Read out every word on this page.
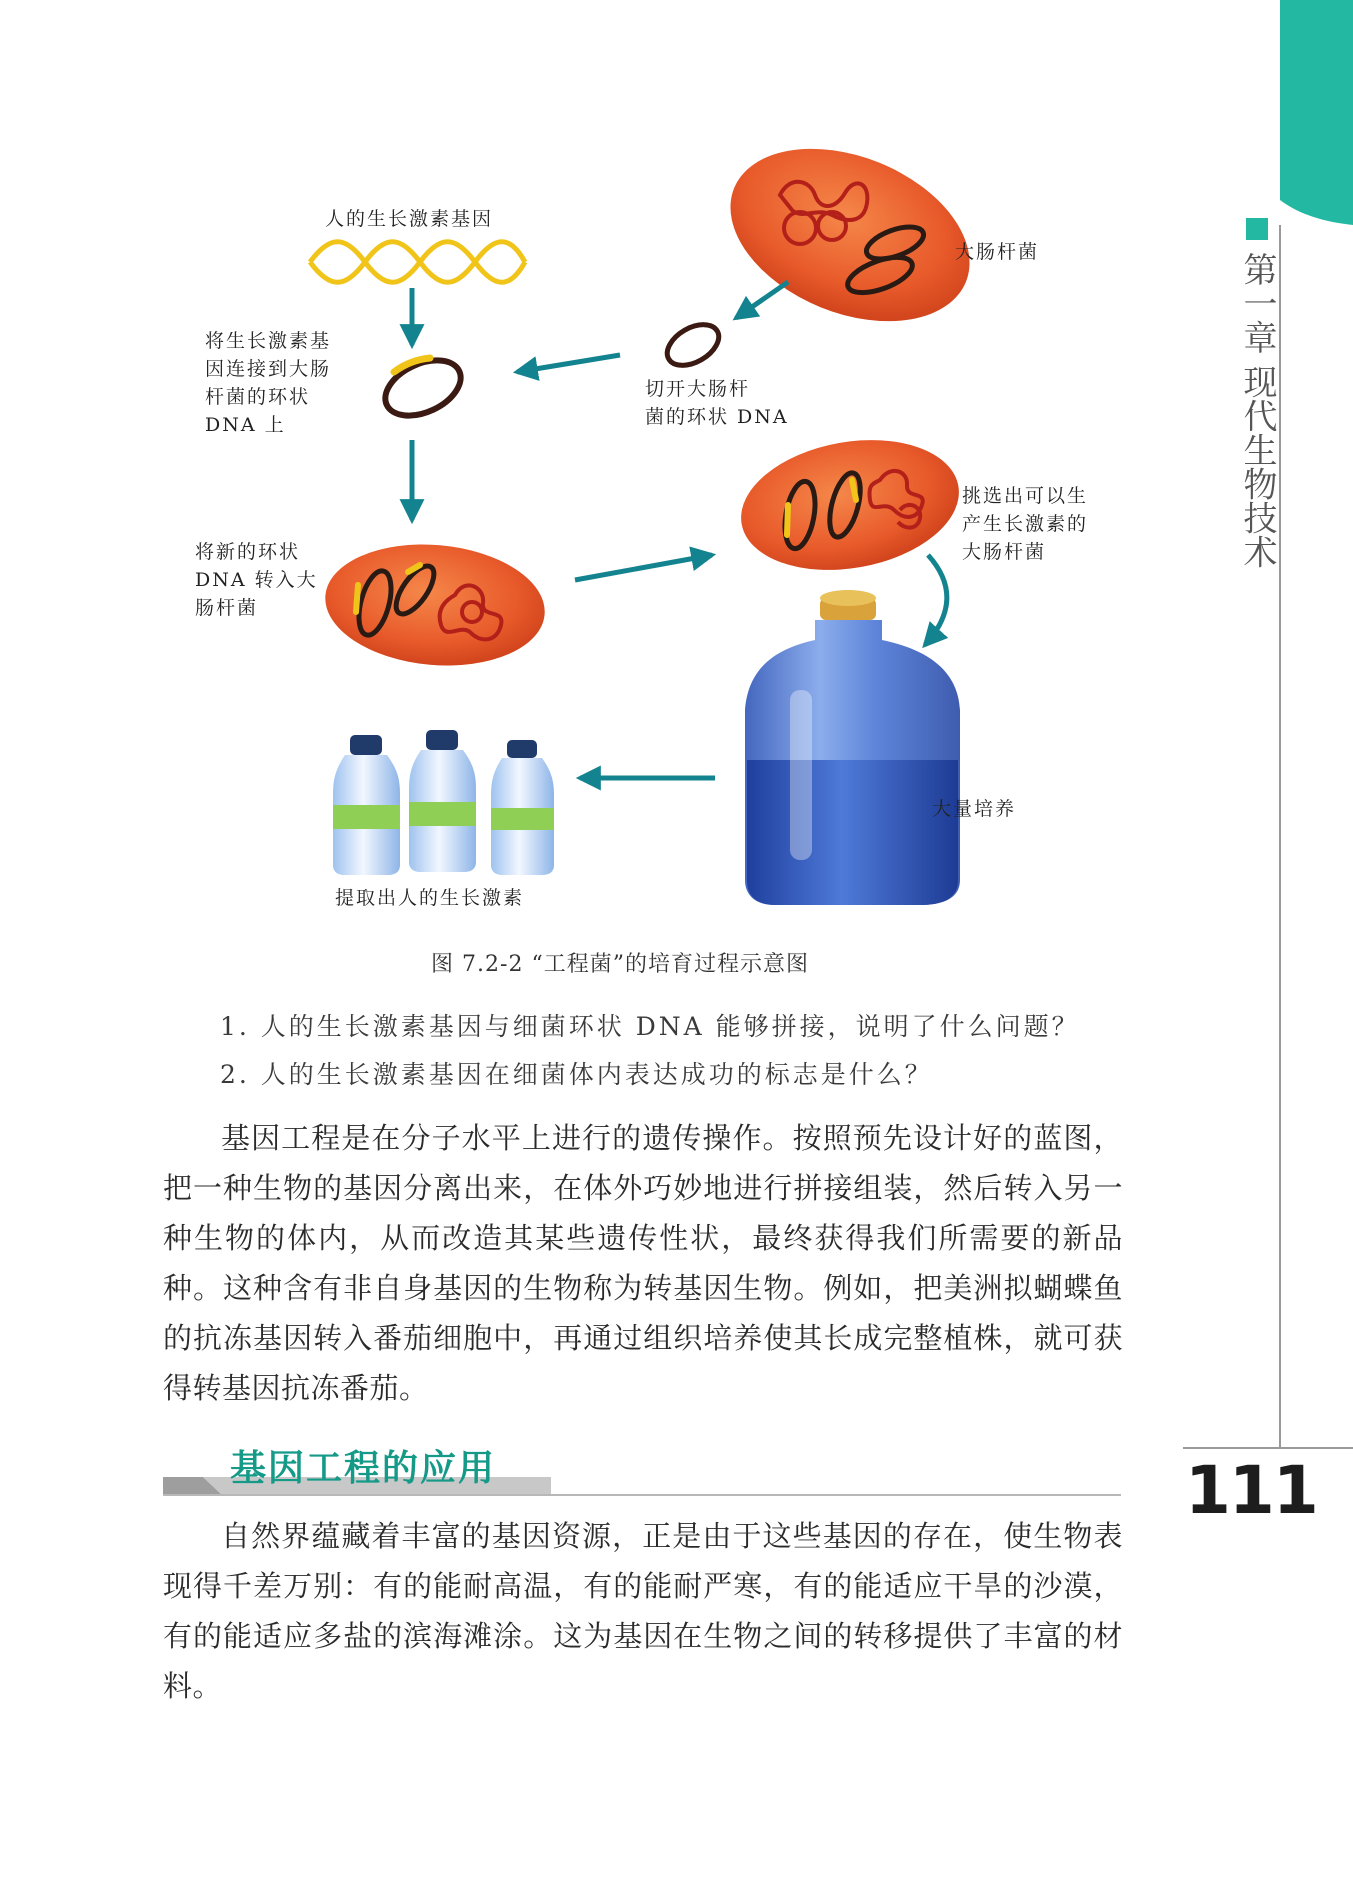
第一章 现代生物技术
111
人的生长激素基因
大肠杆菌
将生长激素基
因连接到大肠
杆菌的环状
DNA 上
切开大肠杆
菌的环状 DNA
挑选出可以生
产生长激素的
大肠杆菌
将新的环状
DNA 转入大
肠杆菌
大量培养
提取出人的生长激素
图 7.2-2 “工程菌”的培育过程示意图
1. 人的生长激素基因与细菌环状 DNA 能够拼接，说明了什么问题？
2. 人的生长激素基因在细菌体内表达成功的标志是什么？

基因工程是在分子水平上进行的遗传操作。按照预先设计好的蓝图，把一种生物的基因分离出来，在体外巧妙地进行拼接组装，然后转入另一种生物的体内，从而改造其某些遗传性状，最终获得我们所需要的新品种。这种含有非自身基因的生物称为转基因生物。例如，把美洲拟蝴蝶鱼的抗冻基因转入番茄细胞中，再通过组织培养使其长成完整植株，就可获得转基因抗冻番茄。

基因工程的应用

自然界蕴藏着丰富的基因资源，正是由于这些基因的存在，使生物表现得千差万别：有的能耐高温，有的能耐严寒，有的能适应干旱的沙漠，有的能适应多盐的滨海滩涂。这为基因在生物之间的转移提供了丰富的材料。
